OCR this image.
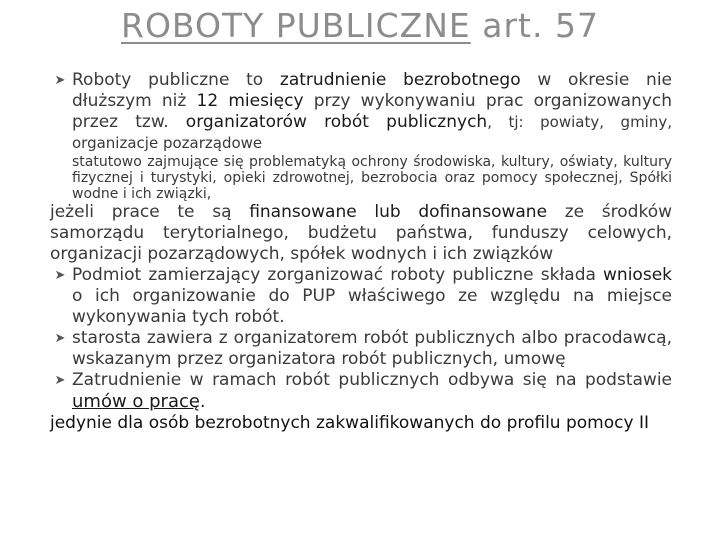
ROBOTY PUBLICZNE art. 57

➤ Roboty publiczne to zatrudnienie bezrobotnego w okresie nie dłuższym niż 12 miesięcy przy wykonywaniu prac organizowanych przez tzw. organizatorów robót publicznych, tj: powiaty, gminy, organizacje pozarządowe

statutowo zajmujące się problematyką ochrony środowiska, kultury, oświaty, kultury fizycznej i turystyki, opieki zdrowotnej, bezrobocia oraz pomocy społecznej, Spółki wodne i ich związki,

jeżeli prace te są finansowane lub dofinansowane ze środków samorządu terytorialnego, budżetu państwa, funduszy celowych, organizacji pozarządowych, spółek wodnych i ich związków

➤ Podmiot zamierzający zorganizować roboty publiczne składa wniosek o ich organizowanie do PUP właściwego ze względu na miejsce wykonywania tych robót.

➤ starosta zawiera z organizatorem robót publicznych albo pracodawcą, wskazanym przez organizatora robót publicznych, umowę

➤ Zatrudnienie w ramach robót publicznych odbywa się na podstawie umów o pracę.

jedynie dla osób bezrobotnych zakwalifikowanych do profilu pomocy II
